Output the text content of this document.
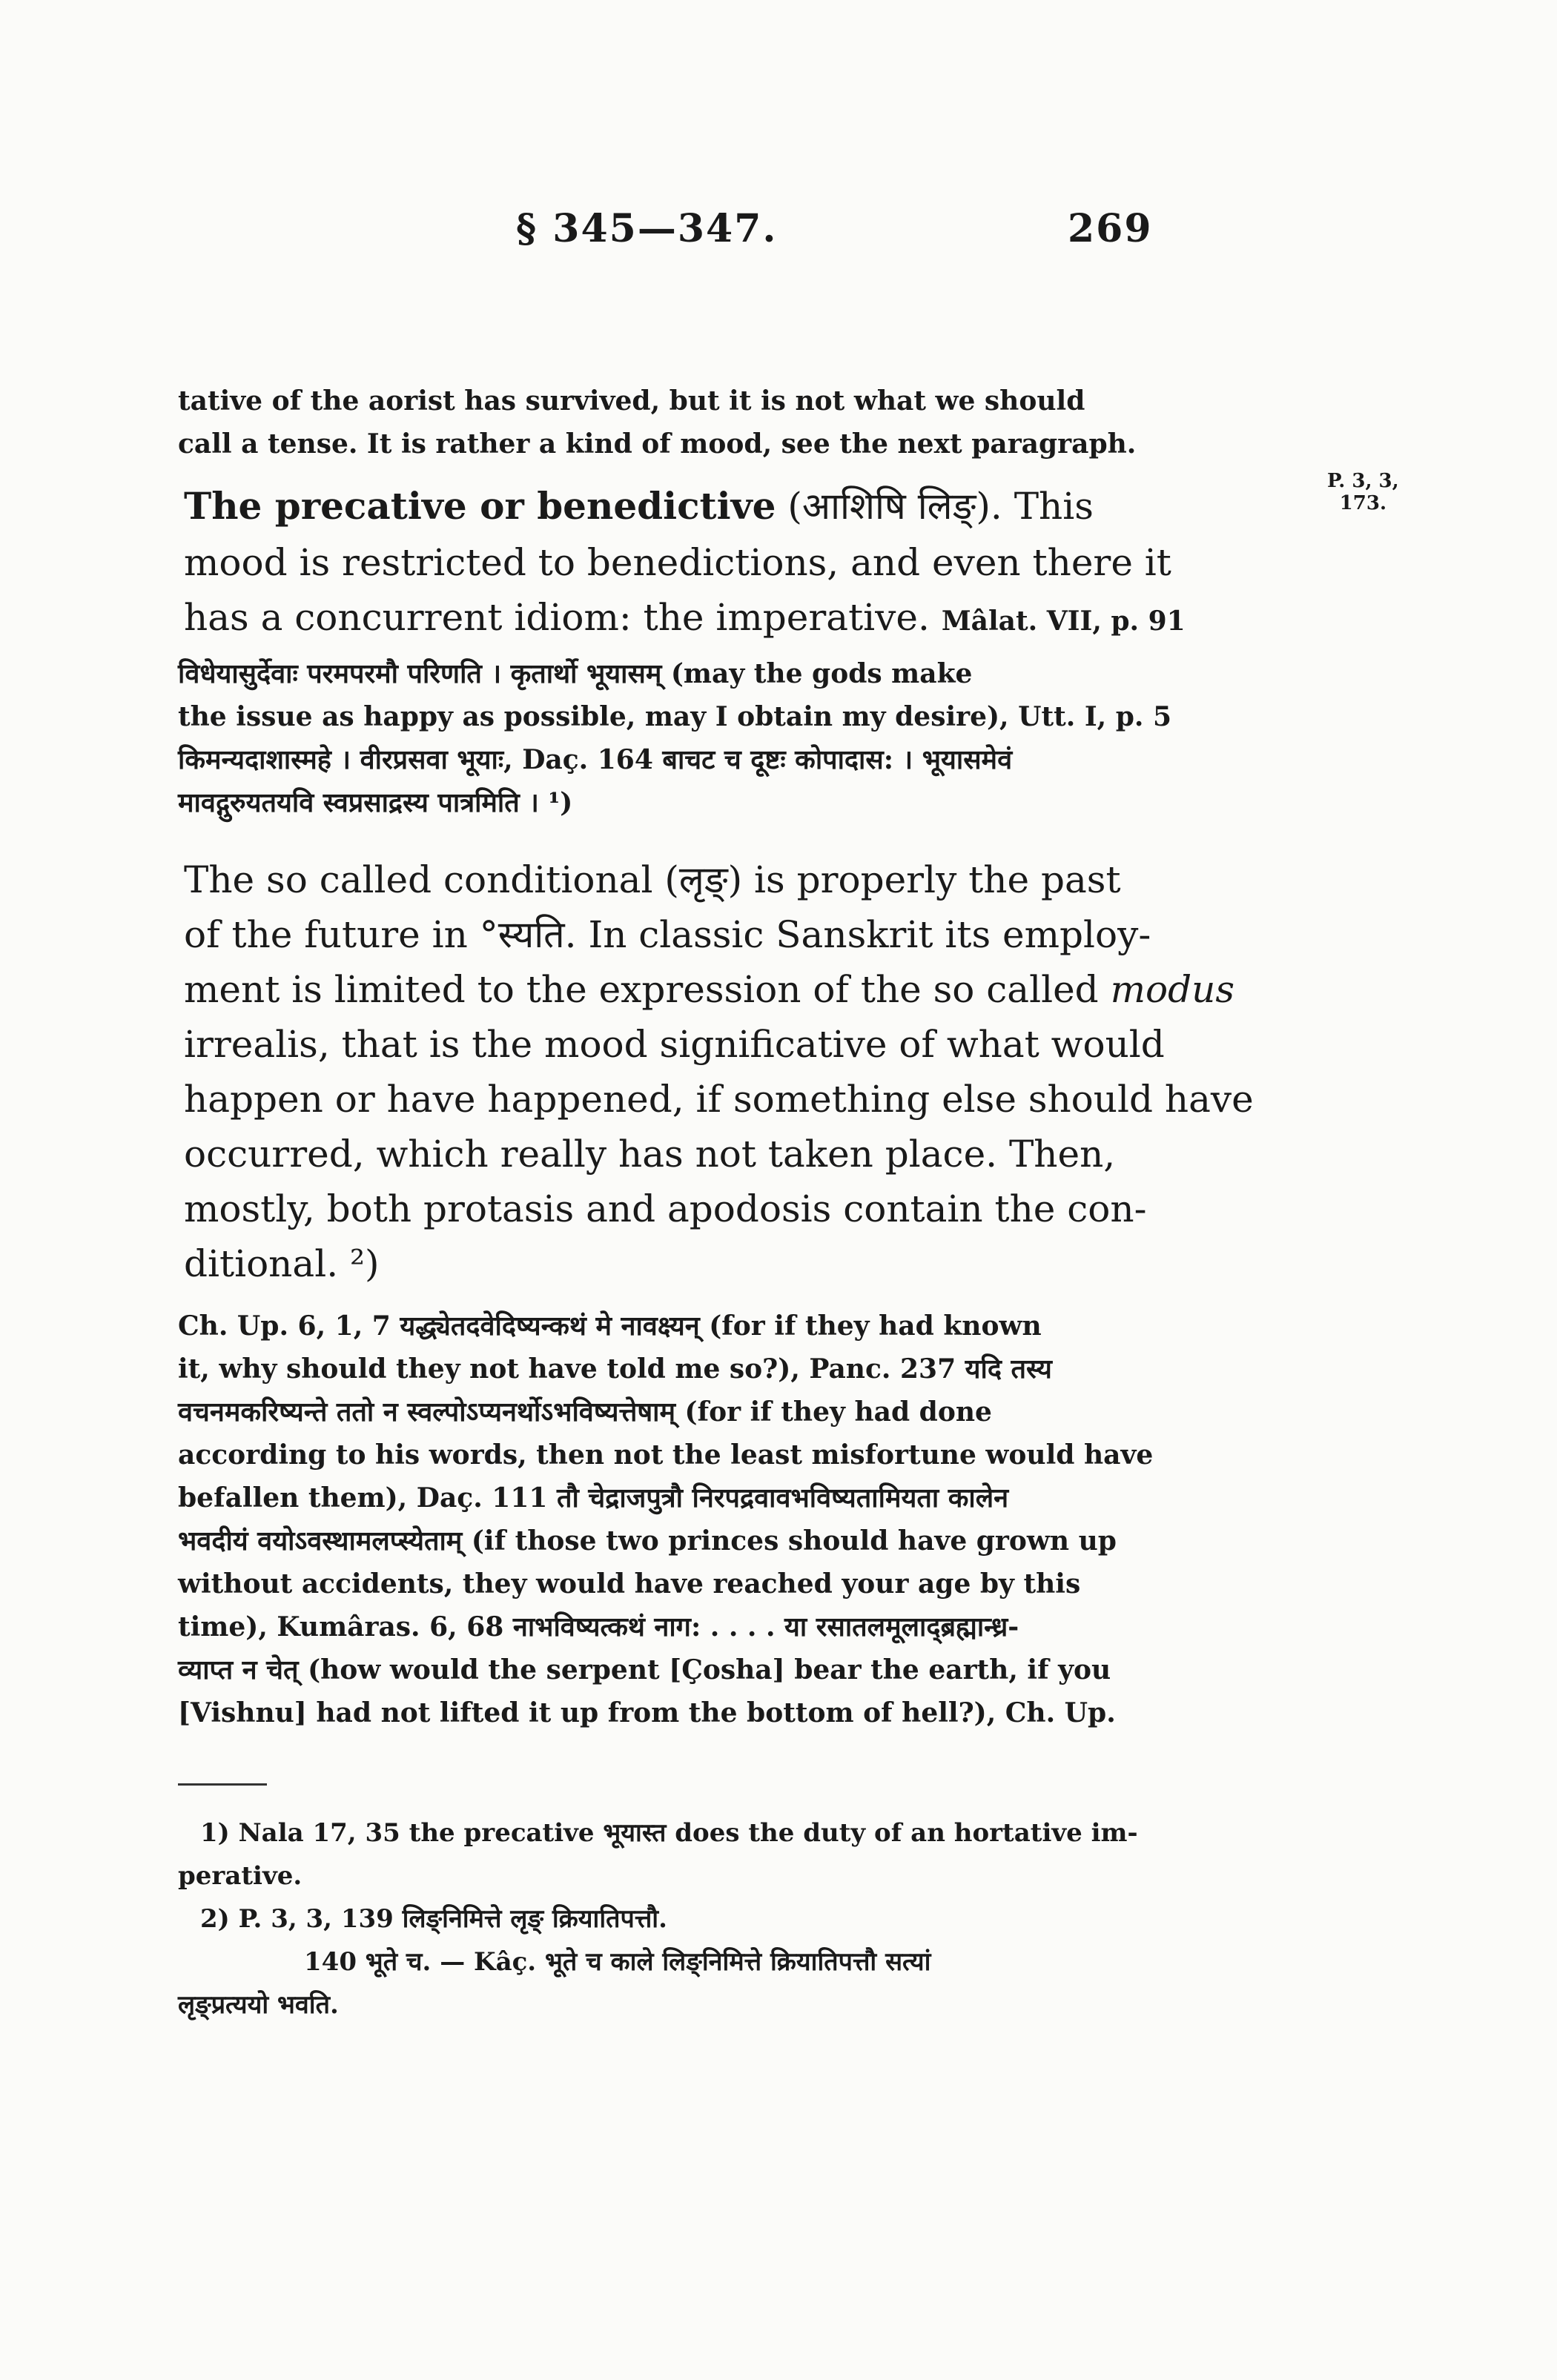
§ 345—347.	269
tative of the aorist has survived, but it is not what we should
call a tense. It is rather a kind of mood, see the next paragraph.
The precative or benedictive (आशिषि लिङ्). This
P. 3, 3,
173.
mood is restricted to benedictions, and even there it
has a concurrent idiom: the imperative. Mâlat. VII, p. 91
विधेयासुर्देवाः परमपरमौ परिणति । कृतार्थो भूयासम् (may the gods make
the issue as happy as possible, may I obtain my desire), Utt. I, p. 5
किमन्यदाशास्महे । वीरप्रसवा भूयाः, Daç. 164 बाचट च दूष्टः कोपादास: । भूयासमेवं
मावद्गुरुयतयवि स्वप्रसाद्रस्य पात्रमिति । ¹)
The so called conditional (लृङ्) is properly the past
of the future in °स्यति. In classic Sanskrit its employ-
ment is limited to the expression of the so called modus
irrealis, that is the mood significative of what would
happen or have happened, if something else should have
occurred, which really has not taken place. Then,
mostly, both protasis and apodosis contain the con-
ditional. ²)
Ch. Up. 6, 1, 7 यद्ध्येतदवेदिष्यन्कथं मे नावक्ष्यन् (for if they had known
it, why should they not have told me so?), Panc. 237 यदि तस्य
वचनमकरिष्यन्ते ततो न स्वल्पोऽप्यनर्थोऽभविष्यत्तेषाम् (for if they had done
according to his words, then not the least misfortune would have
befallen them), Daç. 111 तौ चेद्राजपुत्रौ निरपद्रवावभविष्यतामियता कालेन
भवदीयं वयोऽवस्थामलप्स्येताम् (if those two princes should have grown up
without accidents, they would have reached your age by this
time), Kumâras. 6, 68 नाभविष्यत्कथं नाग: . . . . या रसातलमूलाद्ब्रह्मान्ध्र-
व्याप्त न चेत् (how would the serpent [Çosha] bear the earth, if you
[Vishnu] had not lifted it up from the bottom of hell?), Ch. Up.
1) Nala 17, 35 the precative भूयास्त does the duty of an hortative im-
perative.
2) P. 3, 3, 139 लिङ्निमित्ते लृङ् क्रियातिपत्तौ.
140 भूते च. — Kâç. भूते च काले लिङ्निमित्ते क्रियातिपत्तौ सत्यां
लृङ्प्रत्ययो भवति.
